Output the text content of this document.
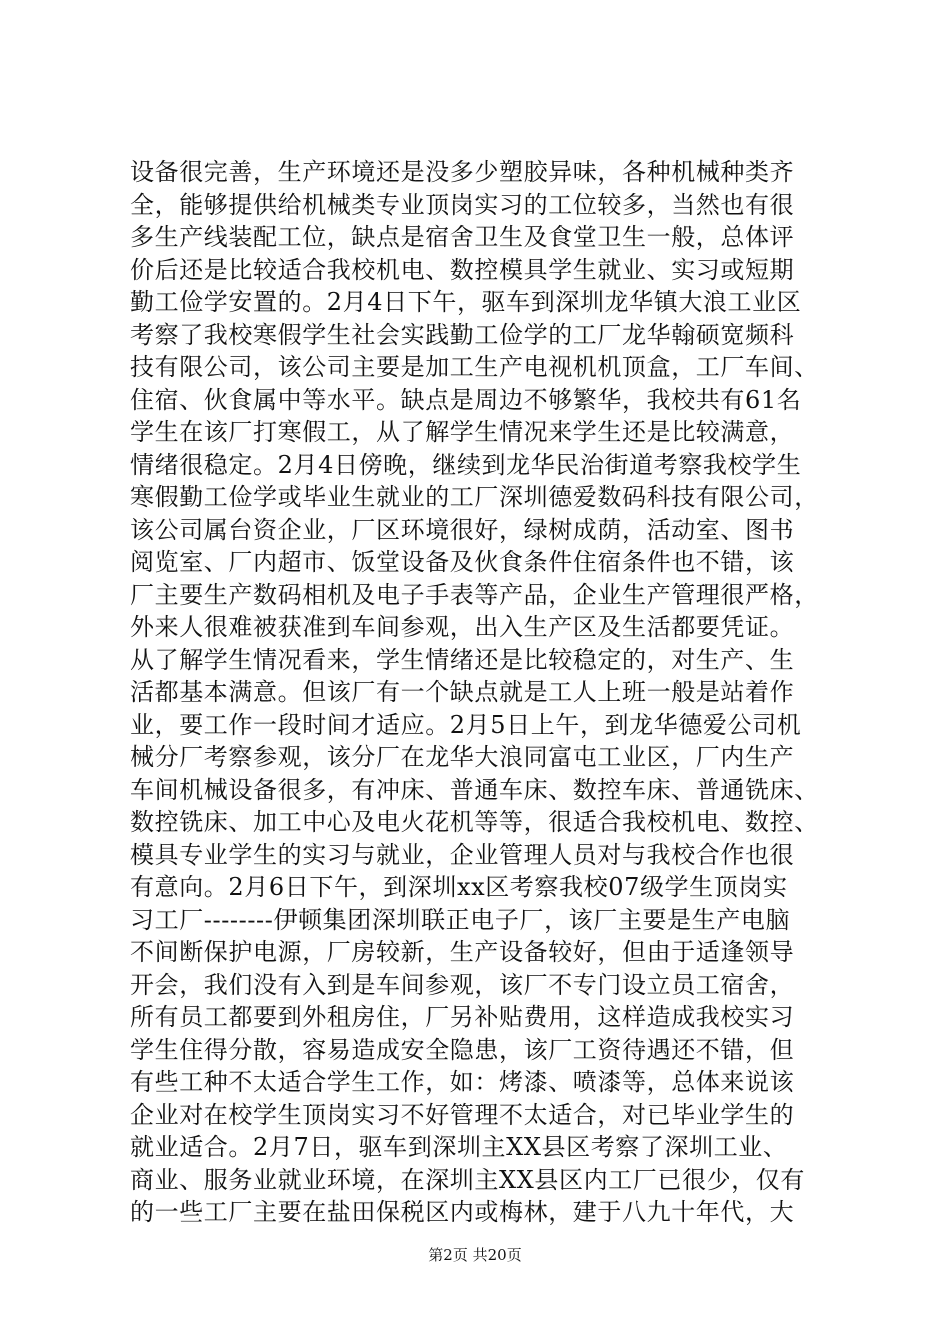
设备很完善，生产环境还是没多少塑胶异味，各种机械种类齐
全，能够提供给机械类专业顶岗实习的工位较多，当然也有很
多生产线装配工位，缺点是宿舍卫生及食堂卫生一般，总体评
价后还是比较适合我校机电、数控模具学生就业、实习或短期
勤工俭学安置的。2月4日下午，驱车到深圳龙华镇大浪工业区
考察了我校寒假学生社会实践勤工俭学的工厂龙华翰硕宽频科
技有限公司，该公司主要是加工生产电视机机顶盒，工厂车间、
住宿、伙食属中等水平。缺点是周边不够繁华，我校共有61名
学生在该厂打寒假工，从了解学生情况来学生还是比较满意，
情绪很稳定。2月4日傍晚，继续到龙华民治街道考察我校学生
寒假勤工俭学或毕业生就业的工厂深圳德爱数码科技有限公司，
该公司属台资企业，厂区环境很好，绿树成荫，活动室、图书
阅览室、厂内超市、饭堂设备及伙食条件住宿条件也不错，该
厂主要生产数码相机及电子手表等产品，企业生产管理很严格，
外来人很难被获准到车间参观，出入生产区及生活都要凭证。
从了解学生情况看来，学生情绪还是比较稳定的，对生产、生
活都基本满意。但该厂有一个缺点就是工人上班一般是站着作
业，要工作一段时间才适应。2月5日上午，到龙华德爱公司机
械分厂考察参观，该分厂在龙华大浪同富屯工业区，厂内生产
车间机械设备很多，有冲床、普通车床、数控车床、普通铣床、
数控铣床、加工中心及电火花机等等，很适合我校机电、数控、
模具专业学生的实习与就业，企业管理人员对与我校合作也很
有意向。2月6日下午，到深圳xx区考察我校07级学生顶岗实
习工厂--------伊顿集团深圳联正电子厂，该厂主要是生产电脑
不间断保护电源，厂房较新，生产设备较好，但由于适逢领导
开会，我们没有入到是车间参观，该厂不专门设立员工宿舍，
所有员工都要到外租房住，厂另补贴费用，这样造成我校实习
学生住得分散，容易造成安全隐患，该厂工资待遇还不错，但
有些工种不太适合学生工作，如：烤漆、喷漆等，总体来说该
企业对在校学生顶岗实习不好管理不太适合，对已毕业学生的
就业适合。2月7日，驱车到深圳主XX县区考察了深圳工业、
商业、服务业就业环境，在深圳主XX县区内工厂已很少，仅有
的一些工厂主要在盐田保税区内或梅林，建于八九十年代，大
第2页 共20页
